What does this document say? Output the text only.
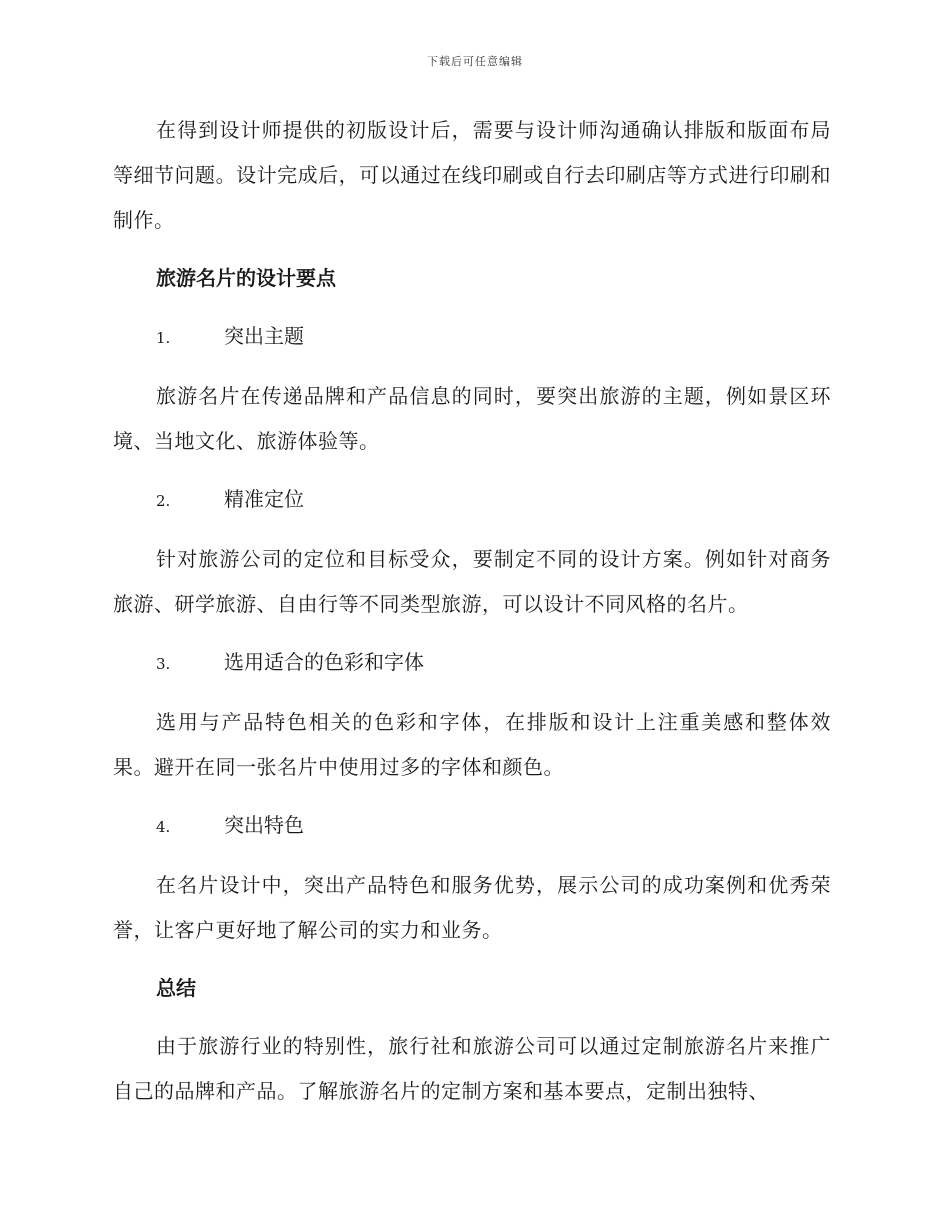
下载后可任意编辑

在得到设计师提供的初版设计后，需要与设计师沟通确认排版和版面布局等细节问题。设计完成后，可以通过在线印刷或自行去印刷店等方式进行印刷和制作。

旅游名片的设计要点

1.	突出主题

旅游名片在传递品牌和产品信息的同时，要突出旅游的主题，例如景区环境、当地文化、旅游体验等。

2.	精准定位

针对旅游公司的定位和目标受众，要制定不同的设计方案。例如针对商务旅游、研学旅游、自由行等不同类型旅游，可以设计不同风格的名片。

3.	选用适合的色彩和字体

选用与产品特色相关的色彩和字体，在排版和设计上注重美感和整体效果。避开在同一张名片中使用过多的字体和颜色。

4.	突出特色

在名片设计中，突出产品特色和服务优势，展示公司的成功案例和优秀荣誉，让客户更好地了解公司的实力和业务。

总结

由于旅游行业的特别性，旅行社和旅游公司可以通过定制旅游名片来推广自己的品牌和产品。了解旅游名片的定制方案和基本要点，定制出独特、
